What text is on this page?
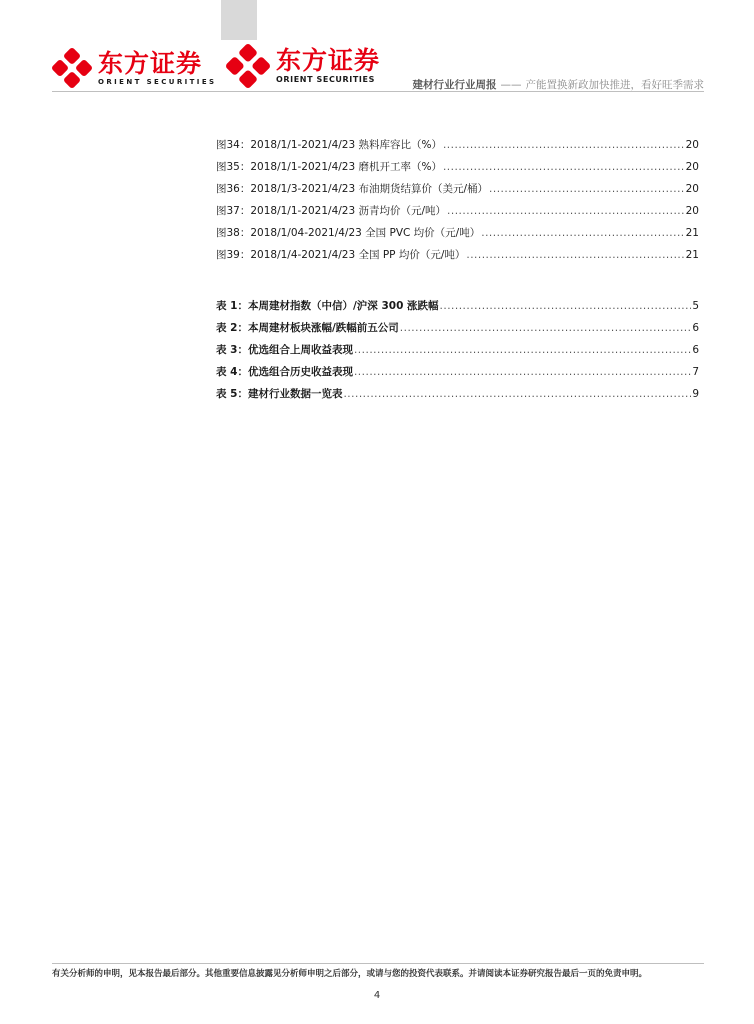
东方证券
ORIENT SECURITIES
东方证券
ORIENT SECURITIES	建材行业行业周报 —— 产能置换新政加快推进，看好旺季需求
图34：2018/1/1-2021/4/23 熟料库容比（%） .....	20
图35：2018/1/1-2021/4/23 磨机开工率（%） .....	20
图36：2018/1/3-2021/4/23 布油期货结算价（美元/桶） .....	20
图37：2018/1/1-2021/4/23 沥青均价（元/吨） .....	20
图38：2018/1/04-2021/4/23 全国 PVC 均价（元/吨） .....	21
图39：2018/1/4-2021/4/23 全国 PP 均价（元/吨） .....	21
表 1：本周建材指数（中信）/沪深 300 涨跌幅 .....	5
表 2：本周建材板块涨幅/跌幅前五公司 .....	6
表 3：优选组合上周收益表现 .....	6
表 4：优选组合历史收益表现 .....	7
表 5：建材行业数据一览表 .....	9
有关分析师的申明，见本报告最后部分。其他重要信息披露见分析师申明之后部分，或请与您的投资代表联系。并请阅读本证券研究报告最后一页的免责申明。
4
